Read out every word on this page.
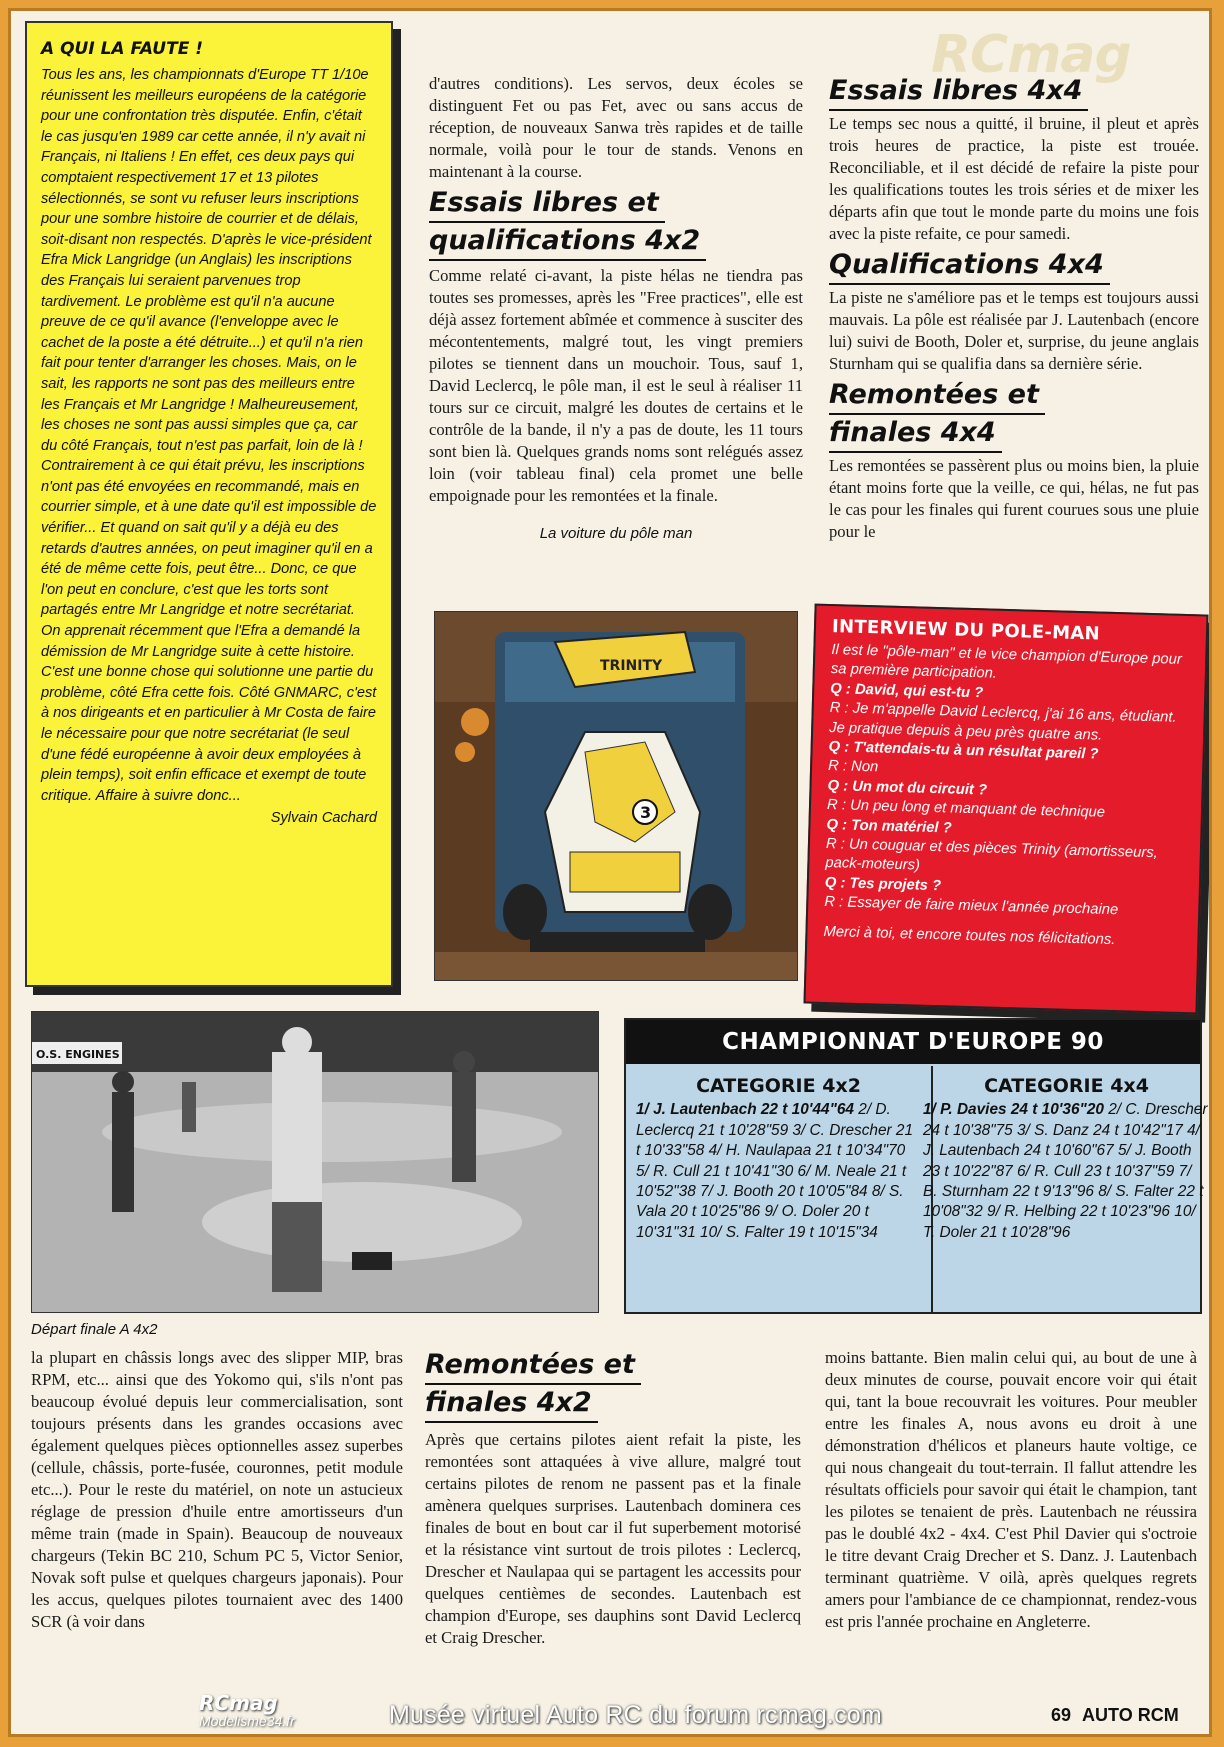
RCmag
A QUI LA FAUTE !

Tous les ans, les championnats d'Europe TT 1/10e réunissent les meilleurs européens de la catégorie pour une confrontation très disputée. Enfin, c'était le cas jusqu'en 1989 car cette année, il n'y avait ni Français, ni Italiens ! En effet, ces deux pays qui comptaient respectivement 17 et 13 pilotes sélectionnés, se sont vu refuser leurs inscriptions pour une sombre histoire de courrier et de délais, soit-disant non respectés. D'après le vice-président Efra Mick Langridge (un Anglais) les inscriptions des Français lui seraient parvenues trop tardivement. Le problème est qu'il n'a aucune preuve de ce qu'il avance (l'enveloppe avec le cachet de la poste a été détruite...) et qu'il n'a rien fait pour tenter d'arranger les choses. Mais, on le sait, les rapports ne sont pas des meilleurs entre les Français et Mr Langridge ! Malheureusement, les choses ne sont pas aussi simples que ça, car du côté Français, tout n'est pas parfait, loin de là ! Contrairement à ce qui était prévu, les inscriptions n'ont pas été envoyées en recommandé, mais en courrier simple, et à une date qu'il est impossible de vérifier... Et quand on sait qu'il y a déjà eu des retards d'autres années, on peut imaginer qu'il en a été de même cette fois, peut être... Donc, ce que l'on peut en conclure, c'est que les torts sont partagés entre Mr Langridge et notre secrétariat. On apprenait récemment que l'Efra a demandé la démission de Mr Langridge suite à cette histoire. C'est une bonne chose qui solutionne une partie du problème, côté Efra cette fois. Côté GNMARC, c'est à nos dirigeants et en particulier à Mr Costa de faire le nécessaire pour que notre secrétariat (le seul d'une fédé européenne à avoir deux employées à plein temps), soit enfin efficace et exempt de toute critique. Affaire à suivre donc...

Sylvain Cachard

d'autres conditions). Les servos, deux écoles se distinguent Fet ou pas Fet, avec ou sans accus de réception, de nouveaux Sanwa très rapides et de taille normale, voilà pour le tour de stands. Venons en maintenant à la course.

Essais libres et
qualifications 4x2

Comme relaté ci-avant, la piste hélas ne tiendra pas toutes ses promesses, après les "Free practices", elle est déjà assez fortement abîmée et commence à susciter des mécontentements, malgré tout, les vingt premiers pilotes se tiennent dans un mouchoir. Tous, sauf 1, David Leclercq, le pôle man, il est le seul à réaliser 11 tours sur ce circuit, malgré les doutes de certains et le contrôle de la bande, il n'y a pas de doute, les 11 tours sont bien là. Quelques grands noms sont relégués assez loin (voir tableau final) cela promet une belle empoignade pour les remontées et la finale.

La voiture du pôle man
TRINITY
3
Essais libres 4x4

Le temps sec nous a quitté, il bruine, il pleut et après trois heures de practice, la piste est trouée. Reconciliable, et il est décidé de refaire la piste pour les qualifications toutes les trois séries et de mixer les départs afin que tout le monde parte du moins une fois avec la piste refaite, ce pour samedi.

Qualifications 4x4

La piste ne s'améliore pas et le temps est toujours aussi mauvais. La pôle est réalisée par J. Lautenbach (encore lui) suivi de Booth, Doler et, surprise, du jeune anglais Sturnham qui se qualifia dans sa dernière série.

Remontées et
finales 4x4

Les remontées se passèrent plus ou moins bien, la pluie étant moins forte que la veille, ce qui, hélas, ne fut pas le cas pour les finales qui furent courues sous une pluie pour le

INTERVIEW DU POLE-MAN

Il est le "pôle-man" et le vice champion d'Europe pour sa première participation.

Q : David, qui est-tu ?

R : Je m'appelle David Leclercq, j'ai 16 ans, étudiant. Je pratique depuis à peu près quatre ans.

Q : T'attendais-tu à un résultat pareil ?

R : Non

Q : Un mot du circuit ?

R : Un peu long et manquant de technique

Q : Ton matériel ?

R : Un couguar et des pièces Trinity (amortisseurs, pack-moteurs)

Q : Tes projets ?

R : Essayer de faire mieux l'année prochaine

Merci à toi, et encore toutes nos félicitations.

O.S. ENGINES
Départ finale A 4x2
CHAMPIONNAT D'EUROPE 90
CATEGORIE 4x2
1/ J. Lautenbach 22 t 10'44"64 2/ D. Leclercq 21 t 10'28"59 3/ C. Drescher 21 t 10'33"58 4/ H. Naulapaa 21 t 10'34"70 5/ R. Cull 21 t 10'41"30 6/ M. Neale 21 t 10'52"38 7/ J. Booth 20 t 10'05"84 8/ S. Vala 20 t 10'25"86 9/ O. Doler 20 t 10'31"31 10/ S. Falter 19 t 10'15"34
CATEGORIE 4x4
1/ P. Davies 24 t 10'36"20 2/ C. Drescher 24 t 10'38"75 3/ S. Danz 24 t 10'42"17 4/ J. Lautenbach 24 t 10'60"67 5/ J. Booth 23 t 10'22"87 6/ R. Cull 23 t 10'37"59 7/ B. Sturnham 22 t 9'13"96 8/ S. Falter 22 t 10'08"32 9/ R. Helbing 22 t 10'23"96 10/ T. Doler 21 t 10'28"96

la plupart en châssis longs avec des slipper MIP, bras RPM, etc... ainsi que des Yokomo qui, s'ils n'ont pas beaucoup évolué depuis leur commercialisation, sont toujours présents dans les grandes occasions avec également quelques pièces optionnelles assez superbes (cellule, châssis, porte-fusée, couronnes, petit module etc...). Pour le reste du matériel, on note un astucieux réglage de pression d'huile entre amortisseurs d'un même train (made in Spain). Beaucoup de nouveaux chargeurs (Tekin BC 210, Schum PC 5, Victor Senior, Novak soft pulse et quelques chargeurs japonais). Pour les accus, quelques pilotes tournaient avec des 1400 SCR (à voir dans

Remontées et
finales 4x2

Après que certains pilotes aient refait la piste, les remontées sont attaquées à vive allure, malgré tout certains pilotes de renom ne passent pas et la finale amènera quelques surprises. Lautenbach dominera ces finales de bout en bout car il fut superbement motorisé et la résistance vint surtout de trois pilotes : Leclercq, Drescher et Naulapaa qui se partagent les accessits pour quelques centièmes de secondes. Lautenbach est champion d'Europe, ses dauphins sont David Leclercq et Craig Drescher.

moins battante. Bien malin celui qui, au bout de une à deux minutes de course, pouvait encore voir qui était qui, tant la boue recouvrait les voitures. Pour meubler entre les finales A, nous avons eu droit à une démonstration d'hélicos et planeurs haute voltige, ce qui nous changeait du tout-terrain. Il fallut attendre les résultats officiels pour savoir qui était le champion, tant les pilotes se tenaient de près. Lautenbach ne réussira pas le doublé 4x2 - 4x4. C'est Phil Davier qui s'octroie le titre devant Craig Drecher et S. Danz. J. Lautenbach terminant quatrième. V oilà, après quelques regrets amers pour l'ambiance de ce championnat, rendez-vous est pris l'année prochaine en Angleterre.

RCmag
Modelisme34.fr	Musée virtuel Auto RC du forum rcmag.com	69 AUTO RCM
